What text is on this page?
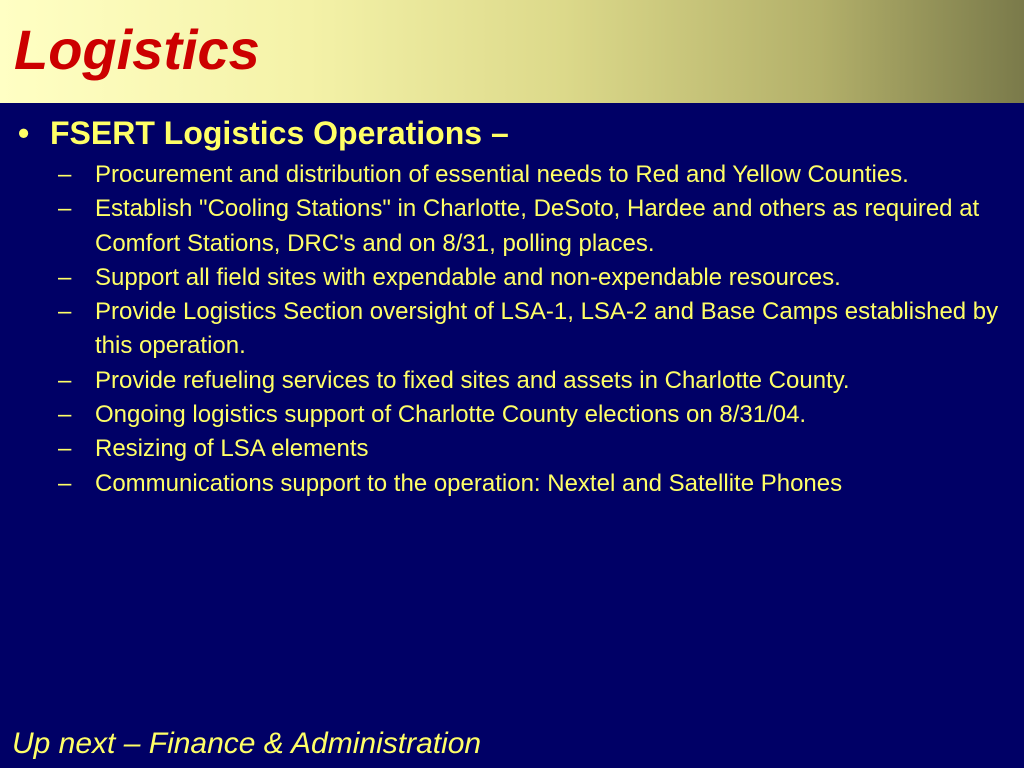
Logistics
• FSERT Logistics Operations –
– Procurement and distribution of essential needs to Red and Yellow Counties.
– Establish "Cooling Stations" in Charlotte, DeSoto, Hardee and others as required at Comfort Stations, DRC's and on 8/31, polling places.
– Support all field sites with expendable and non-expendable resources.
– Provide Logistics Section oversight of LSA-1, LSA-2 and Base Camps established by this operation.
– Provide refueling services to fixed sites and assets in Charlotte County.
– Ongoing logistics support of Charlotte County elections on 8/31/04.
– Resizing of LSA elements
– Communications support to the operation: Nextel and Satellite Phones
Up next – Finance & Administration
